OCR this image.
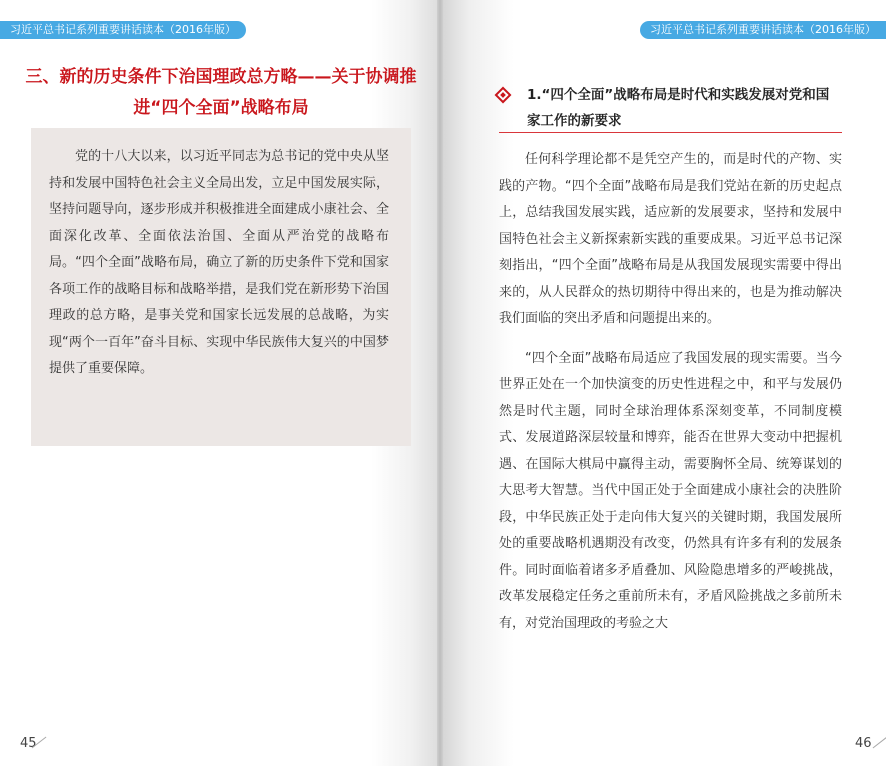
习近平总书记系列重要讲话读本（2016年版）
三、新的历史条件下治国理政总方略——关于协调推进“四个全面”战略布局

党的十八大以来，以习近平同志为总书记的党中央从坚持和发展中国特色社会主义全局出发，立足中国发展实际，坚持问题导向，逐步形成并积极推进全面建成小康社会、全面深化改革、全面依法治国、全面从严治党的战略布局。“四个全面”战略布局，确立了新的历史条件下党和国家各项工作的战略目标和战略举措，是我们党在新形势下治国理政的总方略，是事关党和国家长远发展的总战略，为实现“两个一百年”奋斗目标、实现中华民族伟大复兴的中国梦提供了重要保障。

45
习近平总书记系列重要讲话读本（2016年版）

1.“四个全面”战略布局是时代和实践发展对党和国家工作的新要求

任何科学理论都不是凭空产生的，而是时代的产物、实践的产物。“四个全面”战略布局是我们党站在新的历史起点上，总结我国发展实践，适应新的发展要求，坚持和发展中国特色社会主义新探索新实践的重要成果。习近平总书记深刻指出，“四个全面”战略布局是从我国发展现实需要中得出来的，从人民群众的热切期待中得出来的，也是为推动解决我们面临的突出矛盾和问题提出来的。

“四个全面”战略布局适应了我国发展的现实需要。当今世界正处在一个加快演变的历史性进程之中，和平与发展仍然是时代主题，同时全球治理体系深刻变革，不同制度模式、发展道路深层较量和博弈，能否在世界大变动中把握机遇、在国际大棋局中赢得主动，需要胸怀全局、统筹谋划的大思考大智慧。当代中国正处于全面建成小康社会的决胜阶段，中华民族正处于走向伟大复兴的关键时期，我国发展所处的重要战略机遇期没有改变，仍然具有许多有利的发展条件。同时面临着诸多矛盾叠加、风险隐患增多的严峻挑战，改革发展稳定任务之重前所未有，矛盾风险挑战之多前所未有，对党治国理政的考验之大

46
